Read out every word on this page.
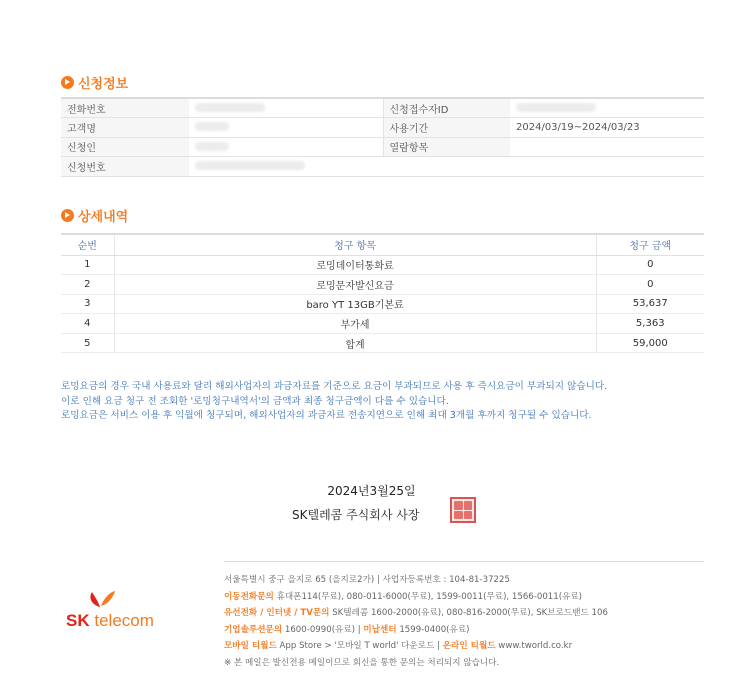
신청정보
전화번호		신청접수자ID	
고객명		사용기간	2024/03/19~2024/03/23
신청인		열람항목	
신청번호			
상세내역
순번	청구 항목	청구 금액
1	로밍데이터통화료	0
2	로밍문자발신요금	0
3	baro YT 13GB기본료	53,637
4	부가세	5,363
5	합계	59,000
로밍요금의 경우 국내 사용료와 달리 해외사업자의 과금자료를 기준으로 요금이 부과되므로 사용 후 즉시요금이 부과되지 않습니다.
이로 인해 요금 청구 전 조회한 '로밍청구내역서'의 금액과 최종 청구금액이 다를 수 있습니다.
로밍요금은 서비스 이용 후 익월에 청구되며, 해외사업자의 과금자료 전송지연으로 인해 최대 3개월 후까지 청구될 수 있습니다.
2024년3월25일
SK텔레콤 주식회사 사장
SK telecom
서울특별시 중구 을지로 65 (을지로2가) | 사업자등록번호 : 104-81-37225
이동전화문의 휴대폰114(무료), 080-011-6000(무료), 1599-0011(무료), 1566-0011(유료)
유선전화 / 인터넷 / TV문의 SK텔레콤 1600-2000(유료), 080-816-2000(무료), SK브로드밴드 106
기업솔루션문의 1600-0990(유료) | 미납센터 1599-0400(유료)
모바일 티월드 App Store > '모바일 T world' 다운로드 | 온라인 티월드 www.tworld.co.kr
※ 본 메일은 발신전용 메일이므로 회신을 통한 문의는 처리되지 않습니다.
